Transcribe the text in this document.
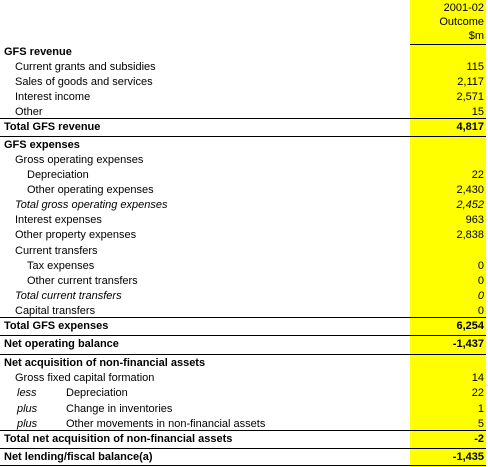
2001-02
Outcome
$m
GFS revenue
Current grants and subsidies	115
Sales of goods and services	2,117
Interest income	2,571
Other	15
Total GFS revenue	4,817
GFS expenses
Gross operating expenses
Depreciation	22
Other operating expenses	2,430
Total gross operating expenses	2,452
Interest expenses	963
Other property expenses	2,838
Current transfers
Tax expenses	0
Other current transfers	0
Total current transfers	0
Capital transfers	0
Total GFS expenses	6,254
Net operating balance	-1,437
Net acquisition of non-financial assets
Gross fixed capital formation	14
less	Depreciation	22
plus	Change in inventories	1
plus	Other movements in non-financial assets	5
Total net acquisition of non-financial assets	-2
Net lending/fiscal balance(a)	-1,435
